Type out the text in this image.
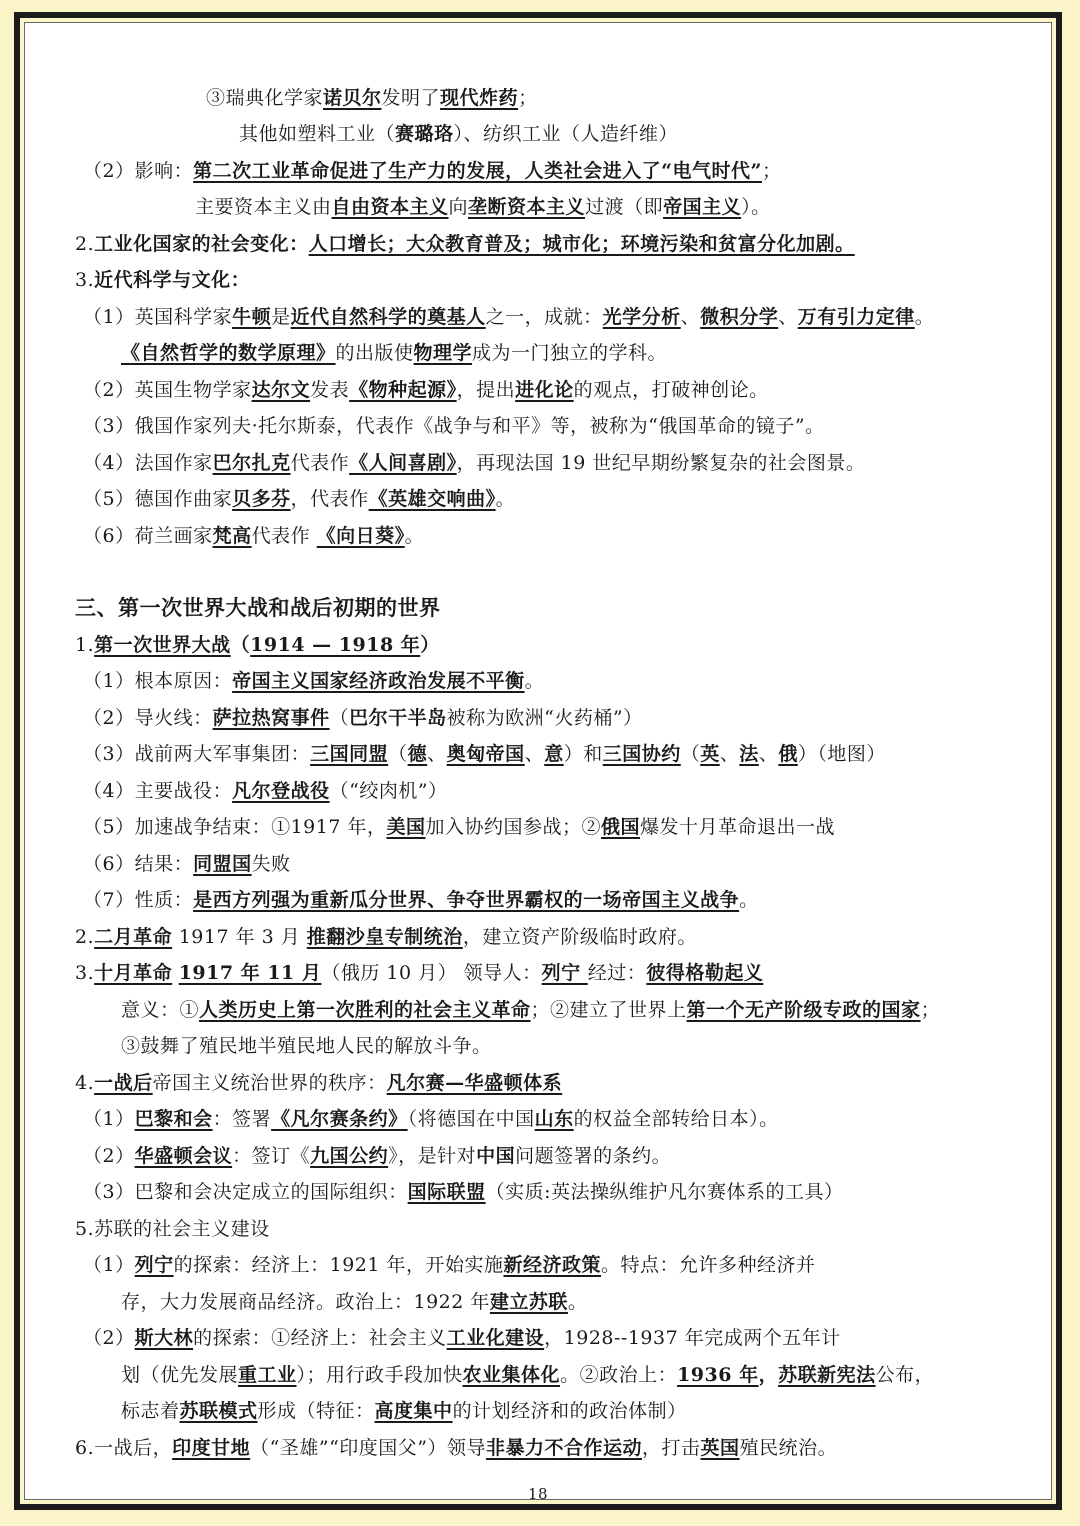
18
③瑞典化学家诺贝尔发明了现代炸药；
其他如塑料工业（赛璐珞）、纺织工业（人造纤维）
（2）影响：第二次工业革命促进了生产力的发展，人类社会进入了“电气时代”；
主要资本主义由自由资本主义向垄断资本主义过渡（即帝国主义）。
2.工业化国家的社会变化：人口增长；大众教育普及；城市化；环境污染和贫富分化加剧。
3.近代科学与文化：
（1）英国科学家牛顿是近代自然科学的奠基人之一，成就：光学分析、微积分学、万有引力定律。
《自然哲学的数学原理》的出版使物理学成为一门独立的学科。
（2）英国生物学家达尔文发表《物种起源》，提出进化论的观点，打破神创论。
（3）俄国作家列夫·托尔斯泰，代表作《战争与和平》等，被称为“俄国革命的镜子”。
（4）法国作家巴尔扎克代表作《人间喜剧》，再现法国 19 世纪早期纷繁复杂的社会图景。
（5）德国作曲家贝多芬，代表作《英雄交响曲》。
（6）荷兰画家梵高代表作 《向日葵》。
三、第一次世界大战和战后初期的世界
1.第一次世界大战（1914 — 1918 年）
（1）根本原因：帝国主义国家经济政治发展不平衡。
（2）导火线：萨拉热窝事件（巴尔干半岛被称为欧洲“火药桶”）
（3）战前两大军事集团：三国同盟（德、奥匈帝国、意）和三国协约（英、法、俄）（地图）
（4）主要战役：凡尔登战役（“绞肉机”）
（5）加速战争结束：①1917 年，美国加入协约国参战；②俄国爆发十月革命退出一战
（6）结果：同盟国失败
（7）性质：是西方列强为重新瓜分世界、争夺世界霸权的一场帝国主义战争。
2.二月革命 1917 年 3 月 推翻沙皇专制统治，建立资产阶级临时政府。
3.十月革命 1917 年 11 月（俄历 10 月） 领导人：列宁 经过：彼得格勒起义
意义：①人类历史上第一次胜利的社会主义革命；②建立了世界上第一个无产阶级专政的国家；
③鼓舞了殖民地半殖民地人民的解放斗争。
4.一战后帝国主义统治世界的秩序：凡尔赛—华盛顿体系
（1）巴黎和会：签署《凡尔赛条约》（将德国在中国山东的权益全部转给日本）。
（2）华盛顿会议：签订《九国公约》，是针对中国问题签署的条约。
（3）巴黎和会决定成立的国际组织：国际联盟（实质:英法操纵维护凡尔赛体系的工具）
5.苏联的社会主义建设
（1）列宁的探索：经济上：1921 年，开始实施新经济政策。特点：允许多种经济并
存，大力发展商品经济。政治上：1922 年建立苏联。
（2）斯大林的探索：①经济上：社会主义工业化建设，1928--1937 年完成两个五年计
划（优先发展重工业）；用行政手段加快农业集体化。②政治上：1936 年，苏联新宪法公布，
标志着苏联模式形成（特征：高度集中的计划经济和的政治体制）
6.一战后，印度甘地（“圣雄”“印度国父”）领导非暴力不合作运动，打击英国殖民统治。
